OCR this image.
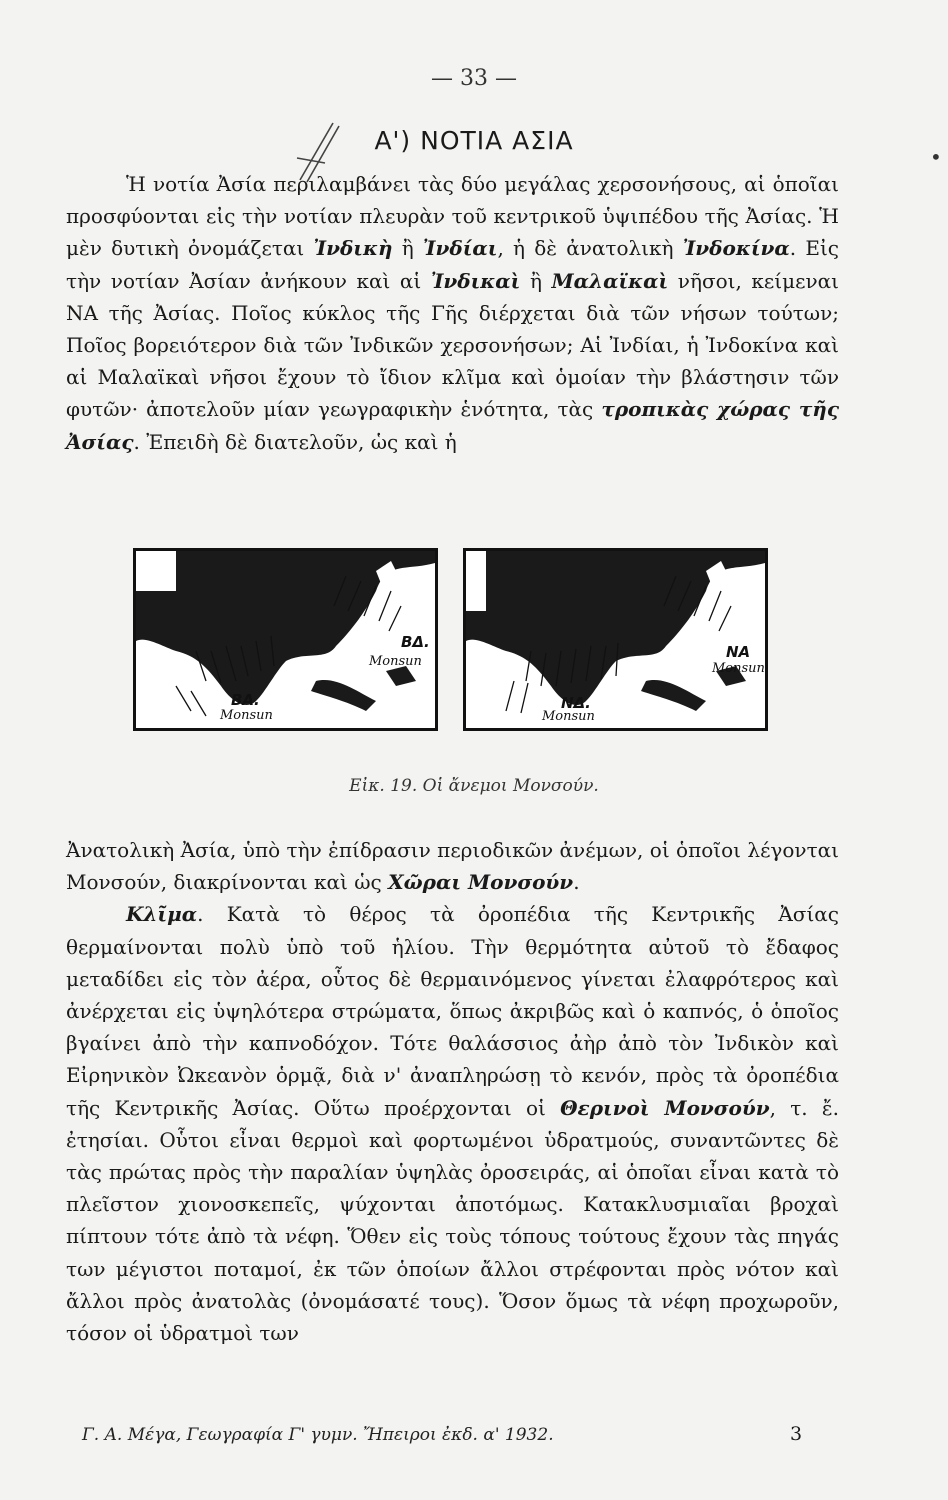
— 33 —
Α') ΝΟΤΙΑ ΑΣΙΑ
•

Ἡ νοτία Ἀσία περιλαμβάνει τὰς δύο μεγάλας χερσονήσους, αἱ ὁποῖαι προσφύονται εἰς τὴν νοτίαν πλευρὰν τοῦ κεντρικοῦ ὑψιπέδου τῆς Ἀσίας. Ἡ μὲν δυτικὴ ὀνομάζεται Ἰνδικὴ ἢ Ἰνδίαι, ἡ δὲ ἀνατολικὴ Ἰνδοκίνα. Εἰς τὴν νοτίαν Ἀσίαν ἀνήκουν καὶ αἱ Ἰνδικαὶ ἢ Μαλαϊκαὶ νῆσοι, κείμεναι ΝΑ τῆς Ἀσίας. Ποῖος κύκλος τῆς Γῆς διέρχεται διὰ τῶν νήσων τούτων; Ποῖος βορειότερον διὰ τῶν Ἰνδικῶν χερσονήσων; Αἱ Ἰνδίαι, ἡ Ἰνδοκίνα καὶ αἱ Μαλαϊκαὶ νῆσοι ἔχουν τὸ ἴδιον κλῖμα καὶ ὁμοίαν τὴν βλάστησιν τῶν φυτῶν· ἀποτελοῦν μίαν γεωγραφικὴν ἑνότητα, τὰς τροπικὰς χώρας τῆς Ἀσίας. Ἐπειδὴ δὲ διατελοῦν, ὡς καὶ ἡ

ΒΔ.
Monsun
ΒΑ.
Monsun
ΝΑ
Monsun
ΝΔ.
Monsun
Εἰκ. 19. Οἱ ἄνεμοι Μονσούν.

Ἀνατολικὴ Ἀσία, ὑπὸ τὴν ἐπίδρασιν περιοδικῶν ἀνέμων, οἱ ὁποῖοι λέγονται Μονσούν, διακρίνονται καὶ ὡς Χῶραι Μονσούν.

Κλῖμα. Κατὰ τὸ θέρος τὰ ὀροπέδια τῆς Κεντρικῆς Ἀσίας θερμαίνονται πολὺ ὑπὸ τοῦ ἡλίου. Τὴν θερμότητα αὐτοῦ τὸ ἔδαφος μεταδίδει εἰς τὸν ἀέρα, οὗτος δὲ θερμαινόμενος γίνεται ἐλαφρότερος καὶ ἀνέρχεται εἰς ὑψηλότερα στρώματα, ὅπως ἀκριβῶς καὶ ὁ καπνός, ὁ ὁποῖος βγαίνει ἀπὸ τὴν καπνοδόχον. Τότε θαλάσσιος ἀὴρ ἀπὸ τὸν Ἰνδικὸν καὶ Εἰρηνικὸν Ὠκεανὸν ὁρμᾷ, διὰ ν' ἀναπληρώσῃ τὸ κενόν, πρὸς τὰ ὀροπέδια τῆς Κεντρικῆς Ἀσίας. Οὕτω προέρχονται οἱ Θερινοὶ Μονσούν, τ. ἔ. ἐτησίαι. Οὗτοι εἶναι θερμοὶ καὶ φορτωμένοι ὑδρατμούς, συναντῶντες δὲ τὰς πρώτας πρὸς τὴν παραλίαν ὑψηλὰς ὀροσειράς, αἱ ὁποῖαι εἶναι κατὰ τὸ πλεῖστον χιονοσκεπεῖς, ψύχονται ἀποτόμως. Κατακλυσμιαῖαι βροχαὶ πίπτουν τότε ἀπὸ τὰ νέφη. Ὅθεν εἰς τοὺς τόπους τούτους ἔχουν τὰς πηγάς των μέγιστοι ποταμοί, ἐκ τῶν ὁποίων ἄλλοι στρέφονται πρὸς νότον καὶ ἄλλοι πρὸς ἀνατολὰς (ὀνομάσατέ τους). Ὅσον ὅμως τὰ νέφη προχωροῦν, τόσον οἱ ὑδρατμοὶ των

Γ. Α. Μέγα, Γεωγραφία Γ' γυμν. Ἤπειροι ἐκδ. α' 1932.	3
